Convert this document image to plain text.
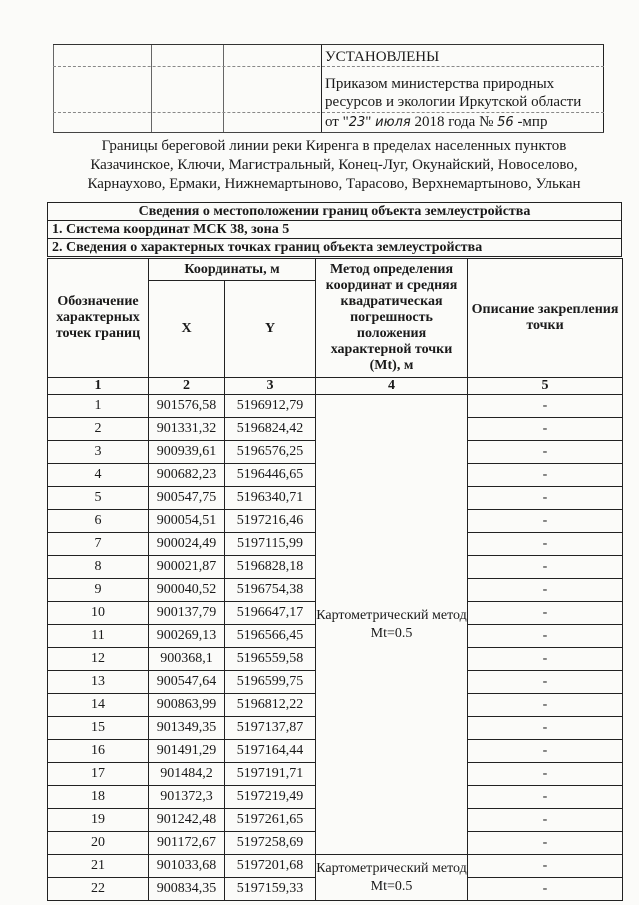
УСТАНОВЛЕНЫ
Приказом министерства природных
ресурсов и экологии Иркутской области
от "23" июля 2018 года № 56 -мпр
Границы береговой линии реки Киренга в пределах населенных пунктов
Казачинское, Ключи, Магистральный, Конец-Луг, Окунайский, Новоселово,
Карнаухово, Ермаки, Нижнемартыново, Тарасово, Верхнемартыново, Улькан
Сведения о местоположении границ объекта землеустройства
1. Система координат МСК 38, зона 5
2. Сведения о характерных точках границ объекта землеустройства
Обозначение характерных точек границ	Координаты, м		Метод определения координат и средняя квадратическая погрешность положения характерной точки (Mt), м	Описание закрепления точки
	X	Y		
1	2	3	4	5
1	901576,58	5196912,79	Картометрический метод Mt=0.5	-
2	901331,32	5196824,42		-
3	900939,61	5196576,25		-
4	900682,23	5196446,65		-
5	900547,75	5196340,71		-
6	900054,51	5197216,46		-
7	900024,49	5197115,99		-
8	900021,87	5196828,18		-
9	900040,52	5196754,38		-
10	900137,79	5196647,17		-
11	900269,13	5196566,45		-
12	900368,1	5196559,58		-
13	900547,64	5196599,75		-
14	900863,99	5196812,22		-
15	901349,35	5197137,87		-
16	901491,29	5197164,44		-
17	901484,2	5197191,71		-
18	901372,3	5197219,49		-
19	901242,48	5197261,65		-
20	901172,67	5197258,69		-
21	901033,68	5197201,68	Картометрический метод Mt=0.5	-
22	900834,35	5197159,33		-
